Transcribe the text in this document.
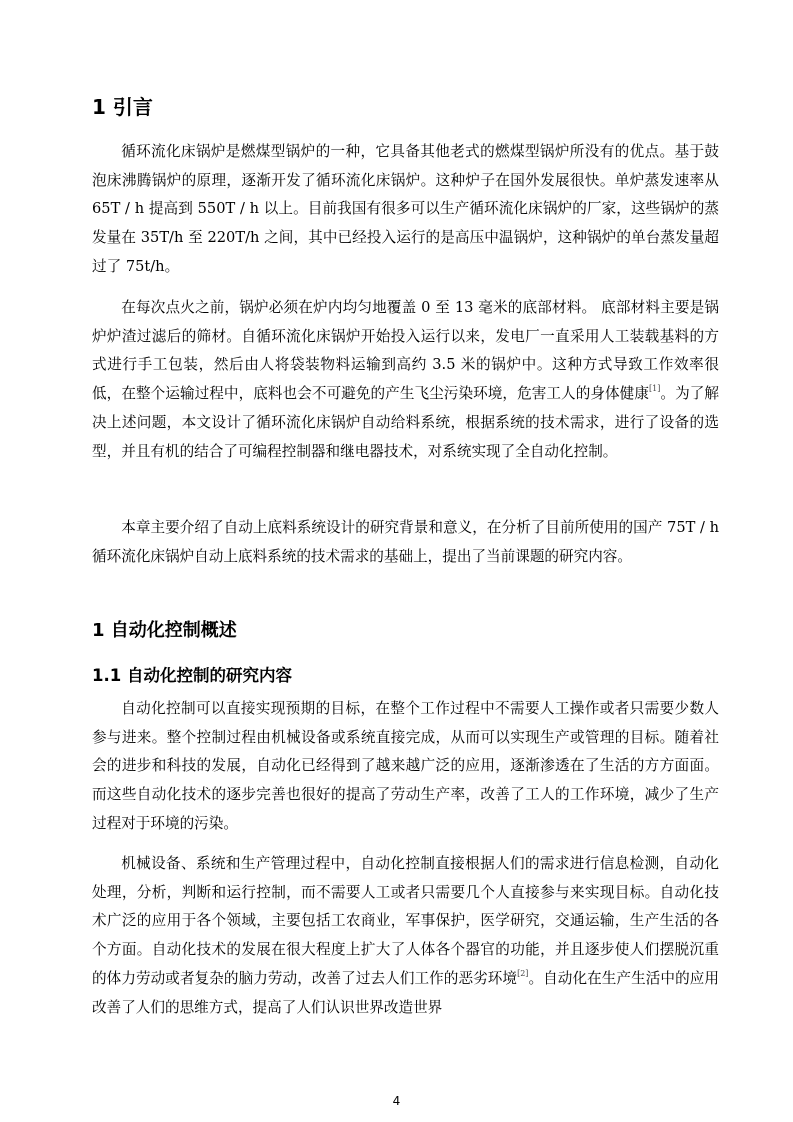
1 引言

循环流化床锅炉是燃煤型锅炉的一种，它具备其他老式的燃煤型锅炉所没有的优点。基于鼓泡床沸腾锅炉的原理，逐渐开发了循环流化床锅炉。这种炉子在国外发展很快。单炉蒸发速率从 65T / h 提高到 550T / h 以上。目前我国有很多可以生产循环流化床锅炉的厂家，这些锅炉的蒸发量在 35T/h 至 220T/h 之间，其中已经投入运行的是高压中温锅炉，这种锅炉的单台蒸发量超过了 75t/h。

在每次点火之前，锅炉必须在炉内均匀地覆盖 0 至 13 毫米的底部材料。 底部材料主要是锅炉炉渣过滤后的筛材。自循环流化床锅炉开始投入运行以来，发电厂一直采用人工装载基料的方式进行手工包装，然后由人将袋装物料运输到高约 3.5 米的锅炉中。这种方式导致工作效率很低，在整个运输过程中，底料也会不可避免的产生飞尘污染环境，危害工人的身体健康[1]。为了解决上述问题，本文设计了循环流化床锅炉自动给料系统，根据系统的技术需求，进行了设备的选型，并且有机的结合了可编程控制器和继电器技术，对系统实现了全自动化控制。

本章主要介绍了自动上底料系统设计的研究背景和意义，在分析了目前所使用的国产 75T / h 循环流化床锅炉自动上底料系统的技术需求的基础上，提出了当前课题的研究内容。

1 自动化控制概述
1.1 自动化控制的研究内容

自动化控制可以直接实现预期的目标，在整个工作过程中不需要人工操作或者只需要少数人参与进来。整个控制过程由机械设备或系统直接完成，从而可以实现生产或管理的目标。随着社会的进步和科技的发展，自动化已经得到了越来越广泛的应用，逐渐渗透在了生活的方方面面。而这些自动化技术的逐步完善也很好的提高了劳动生产率，改善了工人的工作环境，减少了生产过程对于环境的污染。

机械设备、系统和生产管理过程中，自动化控制直接根据人们的需求进行信息检测，自动化处理，分析，判断和运行控制，而不需要人工或者只需要几个人直接参与来实现目标。自动化技术广泛的应用于各个领域，主要包括工农商业，军事保护，医学研究，交通运输，生产生活的各个方面。自动化技术的发展在很大程度上扩大了人体各个器官的功能，并且逐步使人们摆脱沉重的体力劳动或者复杂的脑力劳动，改善了过去人们工作的恶劣环境[2]。自动化在生产生活中的应用改善了人们的思维方式，提高了人们认识世界改造世界

4
